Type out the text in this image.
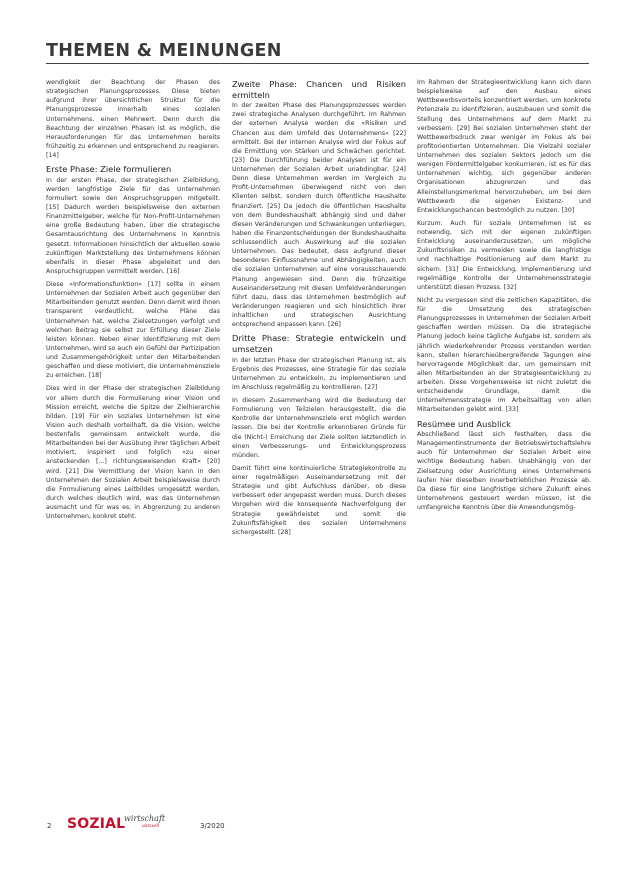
THEMEN & MEINUNGEN

wendigkeit der Beachtung der Phasen des strategischen Planungsprozesses. Diese bieten aufgrund ihrer übersichtlichen Struktur für die Planungsprozesse innerhalb eines sozialen Unternehmens, einen Mehrwert. Denn durch die Beachtung der einzelnen Phasen ist es möglich, die Herausforderungen für das Unternehmen bereits frühzeitig zu erkennen und entsprechend zu reagieren. [14]

Erste Phase: Ziele formulieren

In der ersten Phase, der strategischen Zielbildung, werden langfristige Ziele für das Unternehmen formuliert sowie den Anspruchsgruppen mitgeteilt. [15] Dadurch werden beispielsweise den externen Finanzmittelgeber, welche für Non-Profit-Unternehmen eine große Bedeutung haben, über die strategische Gesamtausrichtung des Unternehmens in Kenntnis gesetzt. Informationen hinsichtlich der aktuellen sowie zukünftigen Marktstellung des Unternehmens können ebenfalls in dieser Phase abgeleitet und den Anspruchsgruppen vermittelt werden. [16]

Diese »Informationsfunktion« [17] sollte in einem Unternehmen der Sozialen Arbeit auch gegenüber den Mitarbeitenden genutzt werden. Denn damit wird ihnen transparent verdeutlicht, welche Pläne das Unternehmen hat, welche Zielsetzungen verfolgt und welchen Beitrag sie selbst zur Erfüllung dieser Ziele leisten können. Neben einer Identifizierung mit dem Unternehmen, wird so auch ein Gefühl der Partizipation und Zusammengehörigkeit unter den Mitarbeitenden geschaffen und diese motiviert, die Unternehmensziele zu erreichen. [18]

Dies wird in der Phase der strategischen Zielbildung vor allem durch die Formulierung einer Vision und Mission erreicht, welche die Spitze der Zielhierarchie bilden. [19] Für ein soziales Unternehmen ist eine Vision auch deshalb vorteilhaft, da die Vision, welche bestenfalls gemeinsam entwickelt wurde, die Mitarbeitenden bei der Ausübung ihrer täglichen Arbeit motiviert, inspiriert und folglich »zu einer ansteckenden [...] richtungsweisenden Kraft« [20] wird. [21] Die Vermittlung der Vision kann in den Unternehmen der Sozialen Arbeit beispielsweise durch die Formulierung eines Leitbildes umgesetzt werden, durch welches deutlich wird, was das Unternehmen ausmacht und für was es, in Abgrenzung zu anderen Unternehmen, konkret steht.

Zweite Phase: Chancen und Risiken ermitteln

In der zweiten Phase des Planungsprozesses werden zwei strategische Analysen durchgeführt. Im Rahmen der externen Analyse werden die »Risiken und Chancen aus dem Umfeld des Unternehmens« [22] ermittelt. Bei der internen Analyse wird der Fokus auf die Ermittlung von Stärken und Schwächen gerichtet. [23] Die Durchführung beider Analysen ist für ein Unternehmen der Sozialen Arbeit unabdingbar. [24] Denn diese Unternehmen werden im Vergleich zu Profit-Unternehmen überwiegend nicht von den Klienten selbst, sondern durch öffentliche Haushalte finanziert. [25] Da jedoch die öffentlichen Haushalte von dem Bundeshaushalt abhängig sind und daher diesen Veränderungen und Schwankungen unterliegen, haben die Finanzentscheidungen der Bundeshaushalte schlussendlich auch Auswirkung auf die sozialen Unternehmen. Das bedeutet, dass aufgrund dieser besonderen Einflussnahme und Abhängigkeiten, auch die sozialen Unternehmen auf eine vorausschauende Planung angewiesen sind. Denn die frühzeitige Auseinandersetzung mit diesen Umfeldveränderungen führt dazu, dass das Unternehmen bestmöglich auf Veränderungen reagieren und sich hinsichtlich ihrer inhaltlichen und strategischen Ausrichtung entsprechend anpassen kann. [26]

Dritte Phase: Strategie entwickeln und umsetzen

In der letzten Phase der strategischen Planung ist, als Ergebnis des Prozesses, eine Strategie für das soziale Unternehmen zu entwickeln, zu implementieren und im Anschluss regelmäßig zu kontrollieren. [27]

In diesem Zusammenhang wird die Bedeutung der Formulierung von Teilzielen herausgestellt, die die Kontrolle der Unternehmensziele erst möglich werden lassen. Die bei der Kontrolle erkennbaren Gründe für die (Nicht-) Erreichung der Ziele sollten letztendlich in einen Verbesserungs- und Entwicklungsprozess münden.

Damit führt eine kontinuierliche Strategiekontrolle zu einer regelmäßigen Auseinandersetzung mit der Strategie und gibt Aufschluss darüber, ob diese verbessert oder angepasst werden muss. Durch dieses Vorgehen wird die konsequente Nachverfolgung der Strategie gewährleistet und somit die Zukunftsfähigkeit des sozialen Unternehmens sichergestellt. [28]

Im Rahmen der Strategieentwicklung kann sich dann beispielsweise auf den Ausbau eines Wettbewerbsvorteils konzentriert werden, um konkrete Potenziale zu identifizieren, auszubauen und somit die Stellung des Unternehmens auf dem Markt zu verbessern. [29] Bei sozialen Unternehmen steht der Wettbewerbsdruck zwar weniger im Fokus als bei profitorientierten Unternehmen. Die Vielzahl sozialer Unternehmen des sozialen Sektors jedoch um die wenigen Fördermittelgeber konkurrieren, ist es für das Unternehmen wichtig, sich gegenüber anderen Organisationen abzugrenzen und das Alleinstellungsmerkmal hervorzuheben, um bei dem Wettbewerb die eigenen Existenz- und Entwicklungschancen bestmöglich zu nutzen. [30]

Kurzum: Auch für soziale Unternehmen ist es notwendig, sich mit der eigenen zukünftigen Entwicklung auseinanderzusetzen, um mögliche Zukunftsrisiken zu vermeiden sowie die langfristige und nachhaltige Positionierung auf dem Markt zu sichern. [31] Die Entwicklung, Implementierung und regelmäßige Kontrolle der Unternehmensstrategie unterstützt diesen Prozess. [32]

Nicht zu vergessen sind die zeitlichen Kapazitäten, die für die Umsetzung des strategischen Planungsprozesses in Unternehmen der Sozialen Arbeit geschaffen werden müssen. Da die strategische Planung jedoch keine tägliche Aufgabe ist, sondern als jährlich wiederkehrender Prozess verstanden werden kann, stellen hierarchieübergreifende Tagungen eine hervorragende Möglichkeit dar, um gemeinsam mit allen Mitarbeitenden an der Strategieentwicklung zu arbeiten. Diese Vorgehensweise ist nicht zuletzt die entscheidende Grundlage, damit die Unternehmensstrategie im Arbeitsalltag von allen Mitarbeitenden gelebt wird. [33]

Resümee und Ausblick

Abschließend lässt sich festhalten, dass die Managementinstrumente der Betriebswirtschaftslehre auch für Unternehmen der Sozialen Arbeit eine wichtige Bedeutung haben. Unabhängig von der Zielsetzung oder Ausrichtung eines Unternehmens laufen hier dieselben innerbetrieblichen Prozesse ab. Da diese für eine langfristige sichere Zukunft eines Unternehmens gesteuert werden müssen, ist die umfangreiche Kenntnis über die Anwendungsmög-

2 SOZIAL
wirtschaft
aktuell	3/2020
